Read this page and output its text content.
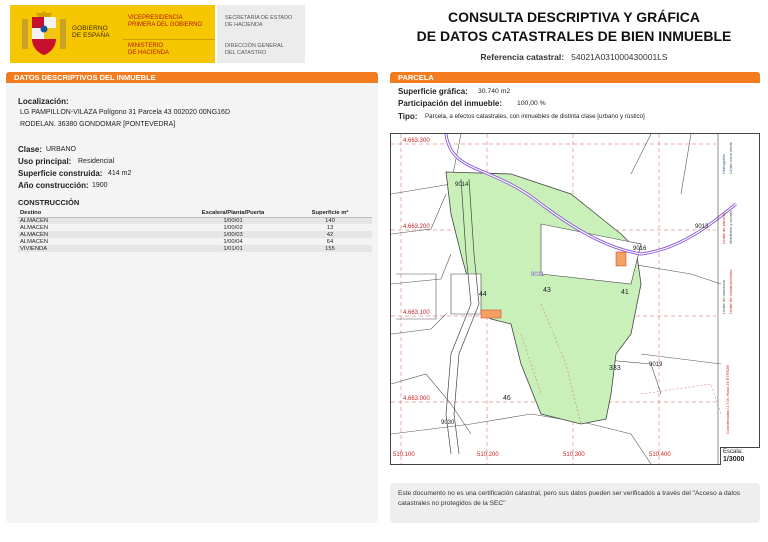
GOBIERNO
DE ESPAÑA
VICEPRESIDENCIA
PRIMERA DEL GOBIERNO
MINISTERIO
DE HACIENDA
SECRETARÍA DE ESTADO
DE HACIENDA
DIRECCIÓN GENERAL
DEL CATASTRO
CONSULTA DESCRIPTIVA Y GRÁFICA
DE DATOS CATASTRALES DE BIEN INMUEBLE
Referencia catastral: 54021A031000430001LS
DATOS DESCRIPTIVOS DEL INMUEBLE
Localización:
LG PAMPILLON-VILAZA Polígono 31 Parcela 43 002020 00NG16D
RODELAN. 36380 GONDOMAR [PONTEVEDRA]
Clase: URBANO
Uso principal: Residencial
Superficie construida: 414 m2
Año construcción: 1900
CONSTRUCCIÓN
Destino	Escalera/Planta/Puerta	Superficie m²
ALMACEN	1/00/01	140
ALMACEN	1/00/02	13
ALMACEN	1/00/03	42
ALMACEN	1/00/04	64
VIVIENDA	1/01/01	155
PARCELA
Superficie gráfica: 30.740 m2
Participación del inmueble: 100,00 %
Tipo: Parcela, a efectos catastrales, con inmuebles de distinta clase [urbano y rústico]
4.663.300
4.663.200
4.663.100
4.663.000
510.100	510.200	510.300	510.400
43
44	41
46
333
9014
9016
9013
9019
9030
9011
Hidrografía Límite zona verde
Límite de parcela Mobiliario y aceras
Límite de manzana Límite de construcciones
Coordenadas U.T.M. Huso 29 ETRS89
Escala:
1/3000
Este documento no es una certificación catastral, pero sus datos pueden ser verificados a través del "Acceso a datos catastrales no protegidos de la SEC"
